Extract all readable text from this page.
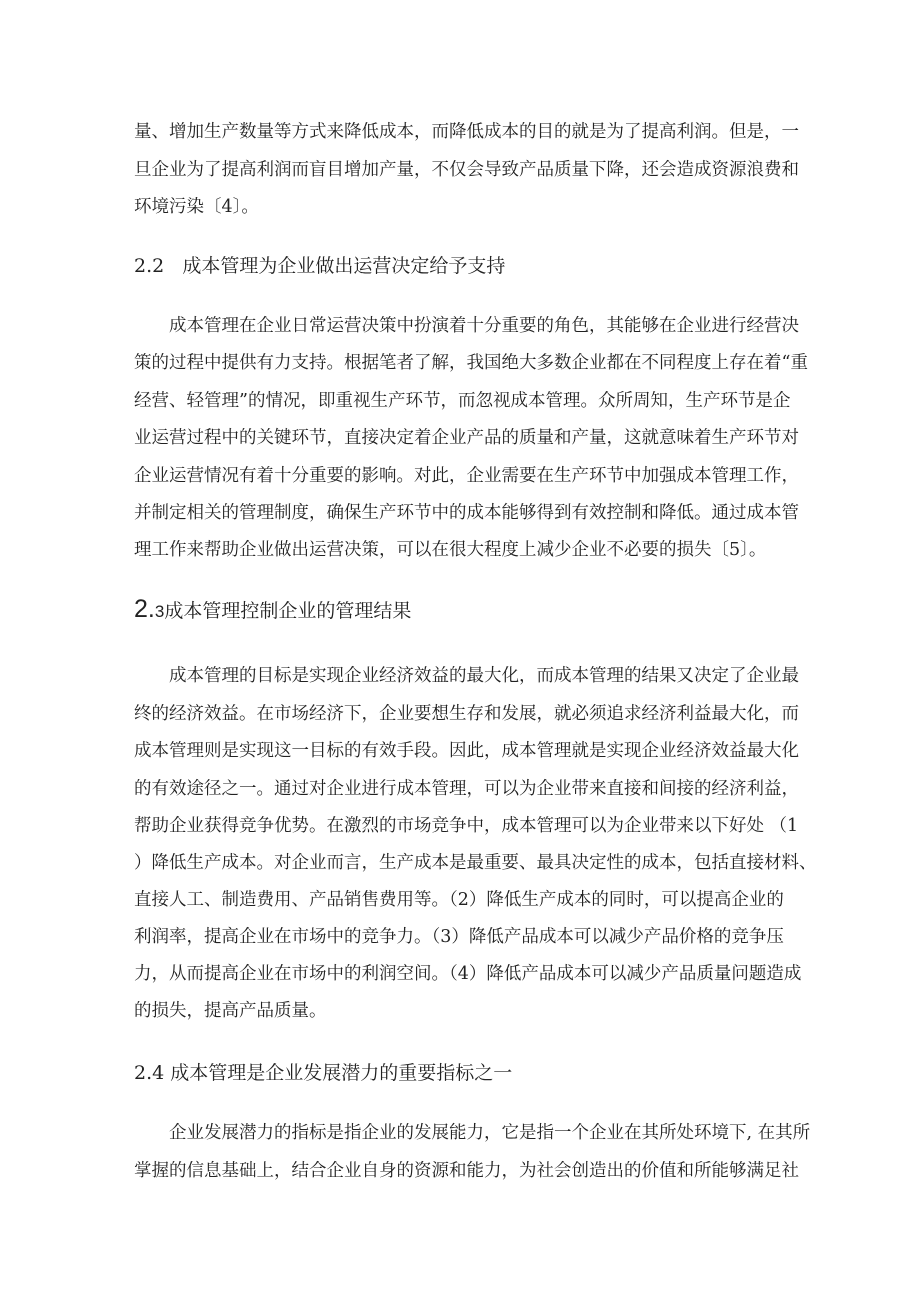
量、增加生产数量等方式来降低成本，而降低成本的目的就是为了提高利润。但是，一
旦企业为了提高利润而盲目增加产量，不仅会导致产品质量下降，还会造成资源浪费和
环境污染〔4〕。
2.2   成本管理为企业做出运营决定给予支持
成本管理在企业日常运营决策中扮演着十分重要的角色，其能够在企业进行经营决
策的过程中提供有力支持。根据笔者了解，我国绝大多数企业都在不同程度上存在着“重
经营、轻管理”的情况，即重视生产环节，而忽视成本管理。众所周知，生产环节是企
业运营过程中的关键环节，直接决定着企业产品的质量和产量，这就意味着生产环节对
企业运营情况有着十分重要的影响。对此，企业需要在生产环节中加强成本管理工作，
并制定相关的管理制度，确保生产环节中的成本能够得到有效控制和降低。通过成本管
理工作来帮助企业做出运营决策，可以在很大程度上减少企业不必要的损失〔5〕。
2.3成本管理控制企业的管理结果
成本管理的目标是实现企业经济效益的最大化，而成本管理的结果又决定了企业最
终的经济效益。在市场经济下，企业要想生存和发展，就必须追求经济利益最大化，而
成本管理则是实现这一目标的有效手段。因此，成本管理就是实现企业经济效益最大化
的有效途径之一。通过对企业进行成本管理，可以为企业带来直接和间接的经济利益，
帮助企业获得竞争优势。在激烈的市场竞争中，成本管理可以为企业带来以下好处 （1
）降低生产成本。对企业而言，生产成本是最重要、最具决定性的成本，包括直接材料、
直接人工、制造费用、产品销售费用等。（2）降低生产成本的同时，可以提高企业的
利润率，提高企业在市场中的竞争力。（3）降低产品成本可以减少产品价格的竞争压
力，从而提高企业在市场中的利润空间。（4）降低产品成本可以减少产品质量问题造成
的损失，提高产品质量。
2.4 成本管理是企业发展潜力的重要指标之一
企业发展潜力的指标是指企业的发展能力，它是指一个企业在其所处环境下, 在其所
掌握的信息基础上，结合企业自身的资源和能力，为社会创造出的价值和所能够满足社
